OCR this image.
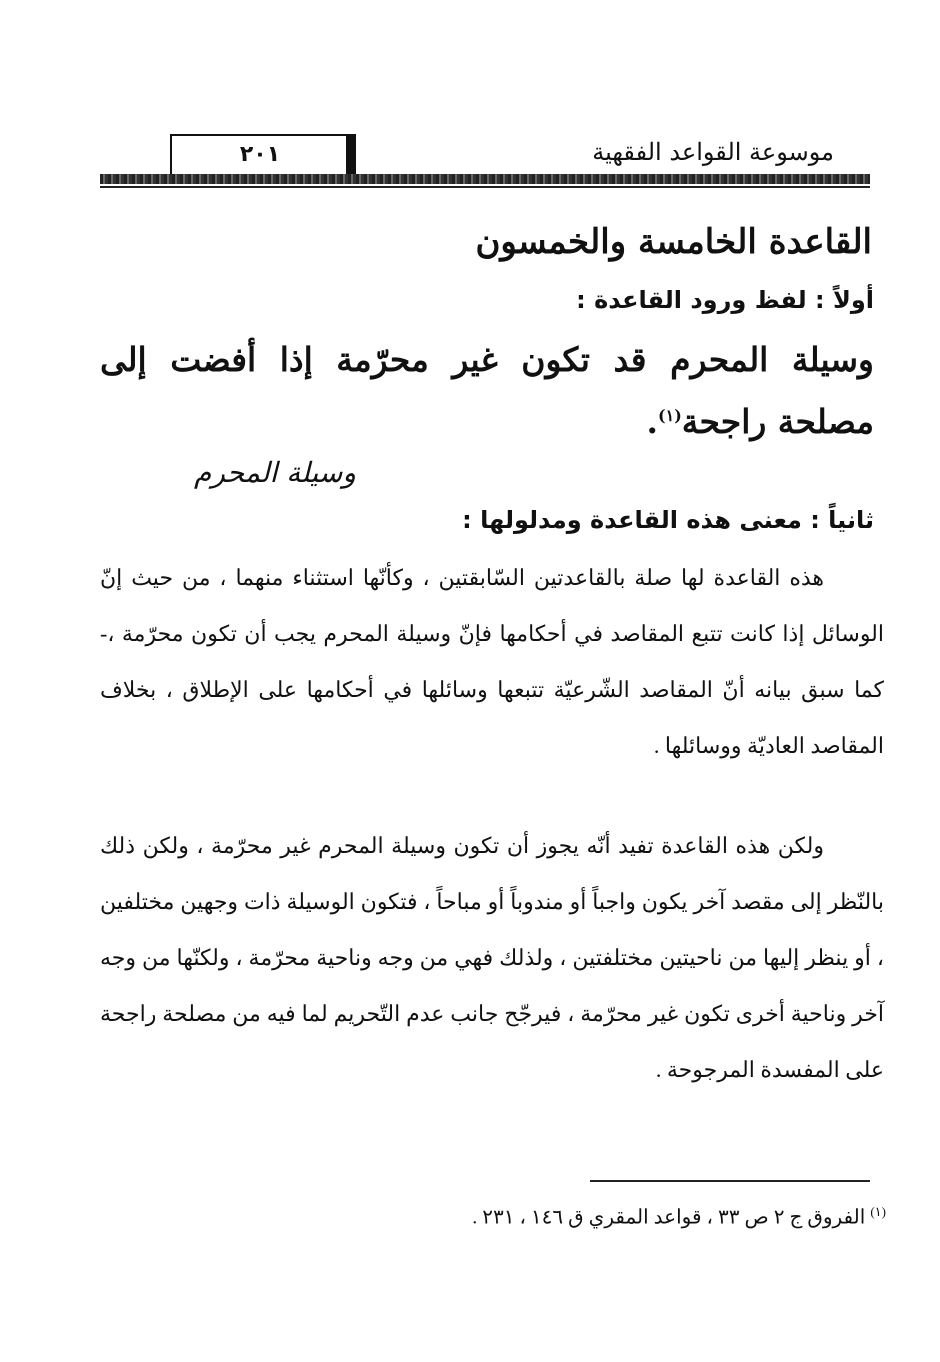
موسوعة القواعد الفقهية
٢٠١
القاعدة الخامسة والخمسون
أولاً : لفظ ورود القاعدة :
وسيلة المحرم قد تكون غير محرّمة إذا أفضت إلى مصلحة راجحة$^{(١)}$.
وسيلة المحرم
ثانياً : معنى هذه القاعدة ومدلولها :
هذه القاعدة لها صلة بالقاعدتين السّابقتين ، وكأنّها استثناء منهما ، من حيث إنّ الوسائل إذا كانت تتبع المقاصد في أحكامها فإنّ وسيلة المحرم يجب أن تكون محرّمة ،- كما سبق بيانه أنّ المقاصد الشّرعيّة تتبعها وسائلها في أحكامها على الإطلاق ، بخلاف المقاصد العاديّة ووسائلها .
ولكن هذه القاعدة تفيد أنّه يجوز أن تكون وسيلة المحرم غير محرّمة ، ولكن ذلك بالنّظر إلى مقصد آخر يكون واجباً أو مندوباً أو مباحاً ، فتكون الوسيلة ذات وجهين مختلفين ، أو ينظر إليها من ناحيتين مختلفتين ، ولذلك فهي من وجه وناحية محرّمة ، ولكنّها من وجه آخر وناحية أخرى تكون غير محرّمة ، فيرجّح جانب عدم التّحريم لما فيه من مصلحة راجحة على المفسدة المرجوحة .
$^{(١)}$ الفروق ج ٢ ص ٣٣ ، قواعد المقري ق ١٤٦ ، ٢٣١ .
